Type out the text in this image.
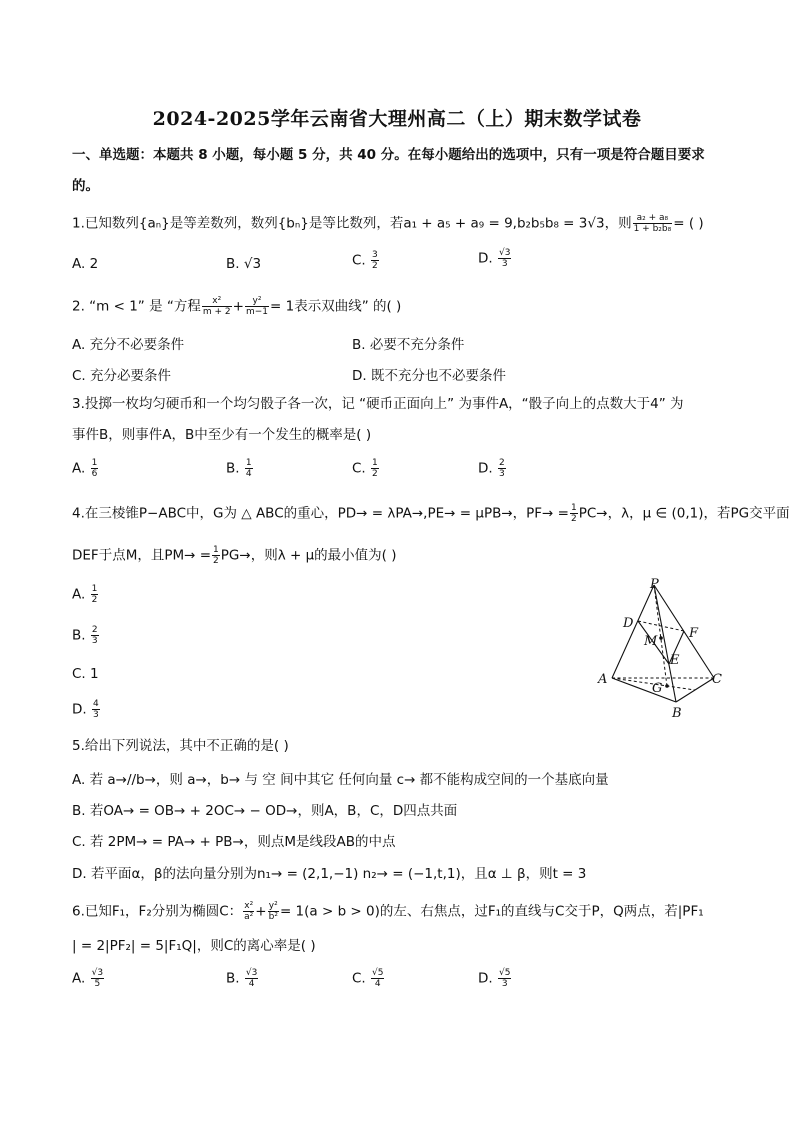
2024-2025学年云南省大理州高二（上）期末数学试卷
一、单选题：本题共 8 小题，每小题 5 分，共 40 分。在每小题给出的选项中，只有一项是符合题目要求
的。
1.已知数列{aₙ}是等差数列，数列{bₙ}是等比数列，若a₁ + a₅ + a₉ = 9,b₂b₅b₈ = 3√3，则 $\frac{\text{a₂ + a₈}}{\text{1 + b₂b₈}}$ = ( )
A. 2	B. √3	C. $\frac{3}{2}$	D. $\frac{√3}{3}$
2. “m < 1” 是 “方程 $\frac{\text{x²}}{m + 2} + \frac{\text{y²}}{m-1} = 1$表示双曲线” 的( )
A. 充分不必要条件	B. 必要不充分条件
C. 充分必要条件	D. 既不充分也不必要条件
3.投掷一枚均匀硬币和一个均匀骰子各一次，记 “硬币正面向上” 为事件A，“骰子向上的点数大于4” 为
事件B，则事件A，B中至少有一个发生的概率是( )
A. $\frac{1}{6}$	B. $\frac{1}{4}$	C. $\frac{1}{2}$	D. $\frac{2}{3}$
4.在三棱锥P−ABC中，G为 △ ABC的重心，PD→ = λPA→,PE→ = μPB→，$PF\to = \frac{1}{2} PC\to$，λ，μ ∈ (0,1)，若PG交平面
DEF于点M，且$PM\to = \frac{1}{2} PG\to$，则λ + μ的最小值为( )
A. $\frac{1}{2}$
B. $\frac{2}{3}$
C. 1
D. $\frac{4}{3}$
P
D
M
F
E
A
G
C
B
5.给出下列说法，其中不正确的是( )
A. 若 a→//b→，则 a→，b→ 与 空 间中其它 任何向量 c→ 都不能构成空间的一个基底向量
B. 若OA→ = OB→ + 2OC→ − OD→，则A，B，C，D四点共面
C. 若 2PM→ = PA→ + PB→，则点M是线段AB的中点
D. 若平面α，β的法向量分别为n₁→ = (2,1,−1) n₂→ = (−1,t,1)，且α ⊥ β，则t = 3
6.已知F₁，F₂分别为椭圆C： $\frac{\text{x²}}{\text{a²}} + \frac{\text{y²}}{\text{b²}} = 1(a > b > 0)$的左、右焦点，过F₁的直线与C交于P，Q两点，若|PF₁
| = 2|PF₂| = 5|F₁Q|，则C的离心率是( )
A. $\frac{√3}{5}$	B. $\frac{√3}{4}$	C. $\frac{√5}{4}$	D. $\frac{√5}{3}$
